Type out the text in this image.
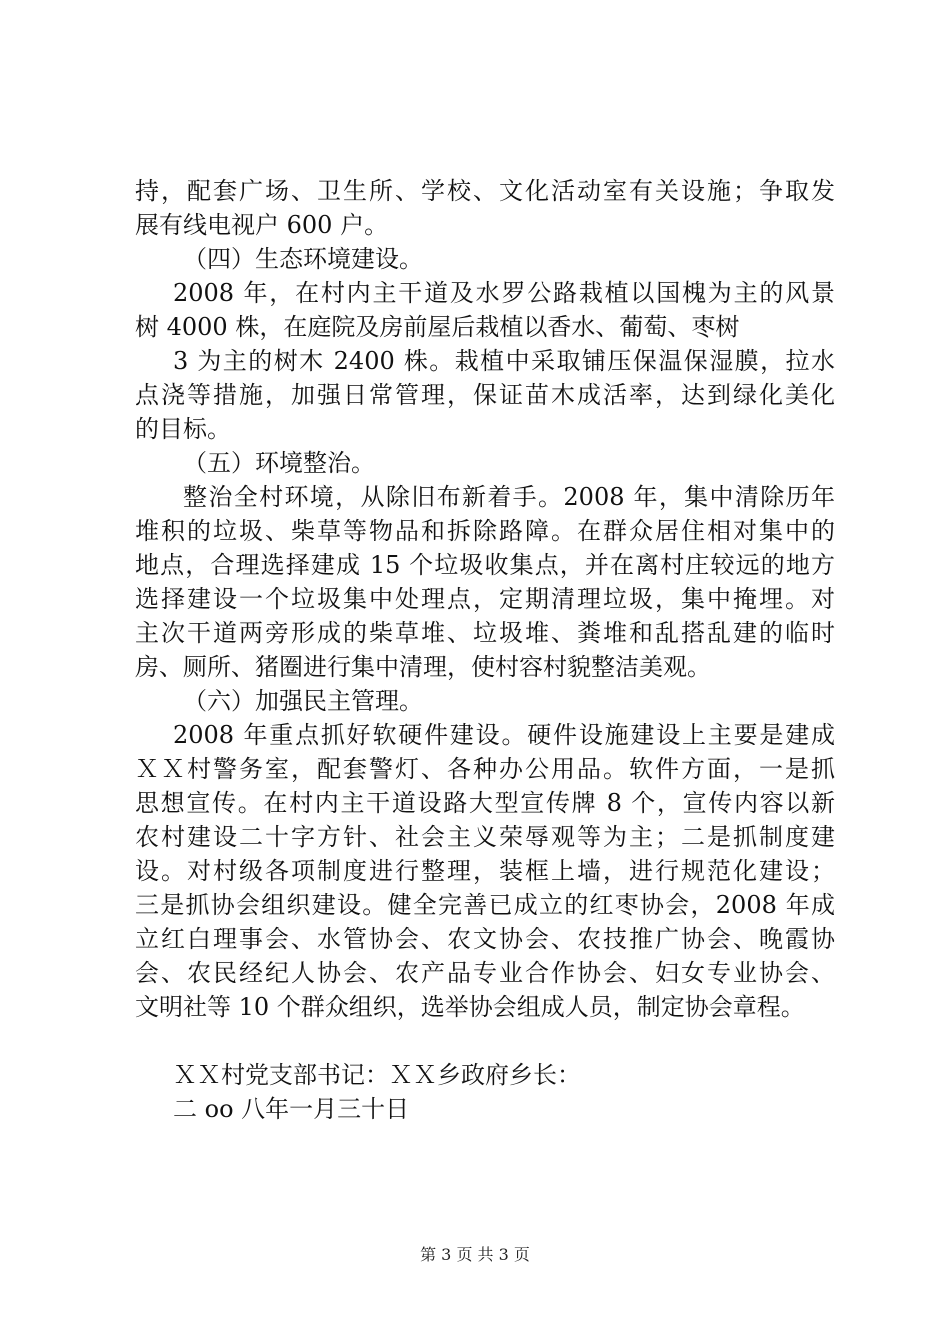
持，配套广场、卫生所、学校、文化活动室有关设施；争取发
展有线电视户 600 户。
（四）生态环境建设。
2008 年，在村内主干道及水罗公路栽植以国槐为主的风景
树 4000 株，在庭院及房前屋后栽植以香水、葡萄、枣树
3 为主的树木 2400 株。栽植中采取铺压保温保湿膜，拉水
点浇等措施，加强日常管理，保证苗木成活率，达到绿化美化
的目标。
（五）环境整治。
整治全村环境，从除旧布新着手。2008 年，集中清除历年
堆积的垃圾、柴草等物品和拆除路障。在群众居住相对集中的
地点，合理选择建成 15 个垃圾收集点，并在离村庄较远的地方
选择建设一个垃圾集中处理点，定期清理垃圾，集中掩埋。对
主次干道两旁形成的柴草堆、垃圾堆、粪堆和乱搭乱建的临时
房、厕所、猪圈进行集中清理，使村容村貌整洁美观。
（六）加强民主管理。
2008 年重点抓好软硬件建设。硬件设施建设上主要是建成
ＸＸ村警务室，配套警灯、各种办公用品。软件方面，一是抓
思想宣传。在村内主干道设路大型宣传牌 8 个，宣传内容以新
农村建设二十字方针、社会主义荣辱观等为主；二是抓制度建
设。对村级各项制度进行整理，装框上墙，进行规范化建设；
三是抓协会组织建设。健全完善已成立的红枣协会，2008 年成
立红白理事会、水管协会、农文协会、农技推广协会、晚霞协
会、农民经纪人协会、农产品专业合作协会、妇女专业协会、
文明社等 10 个群众组织，选举协会组成人员，制定协会章程。
ＸＸ村党支部书记：ＸＸ乡政府乡长：
二 oo 八年一月三十日
第 3 页 共 3 页
